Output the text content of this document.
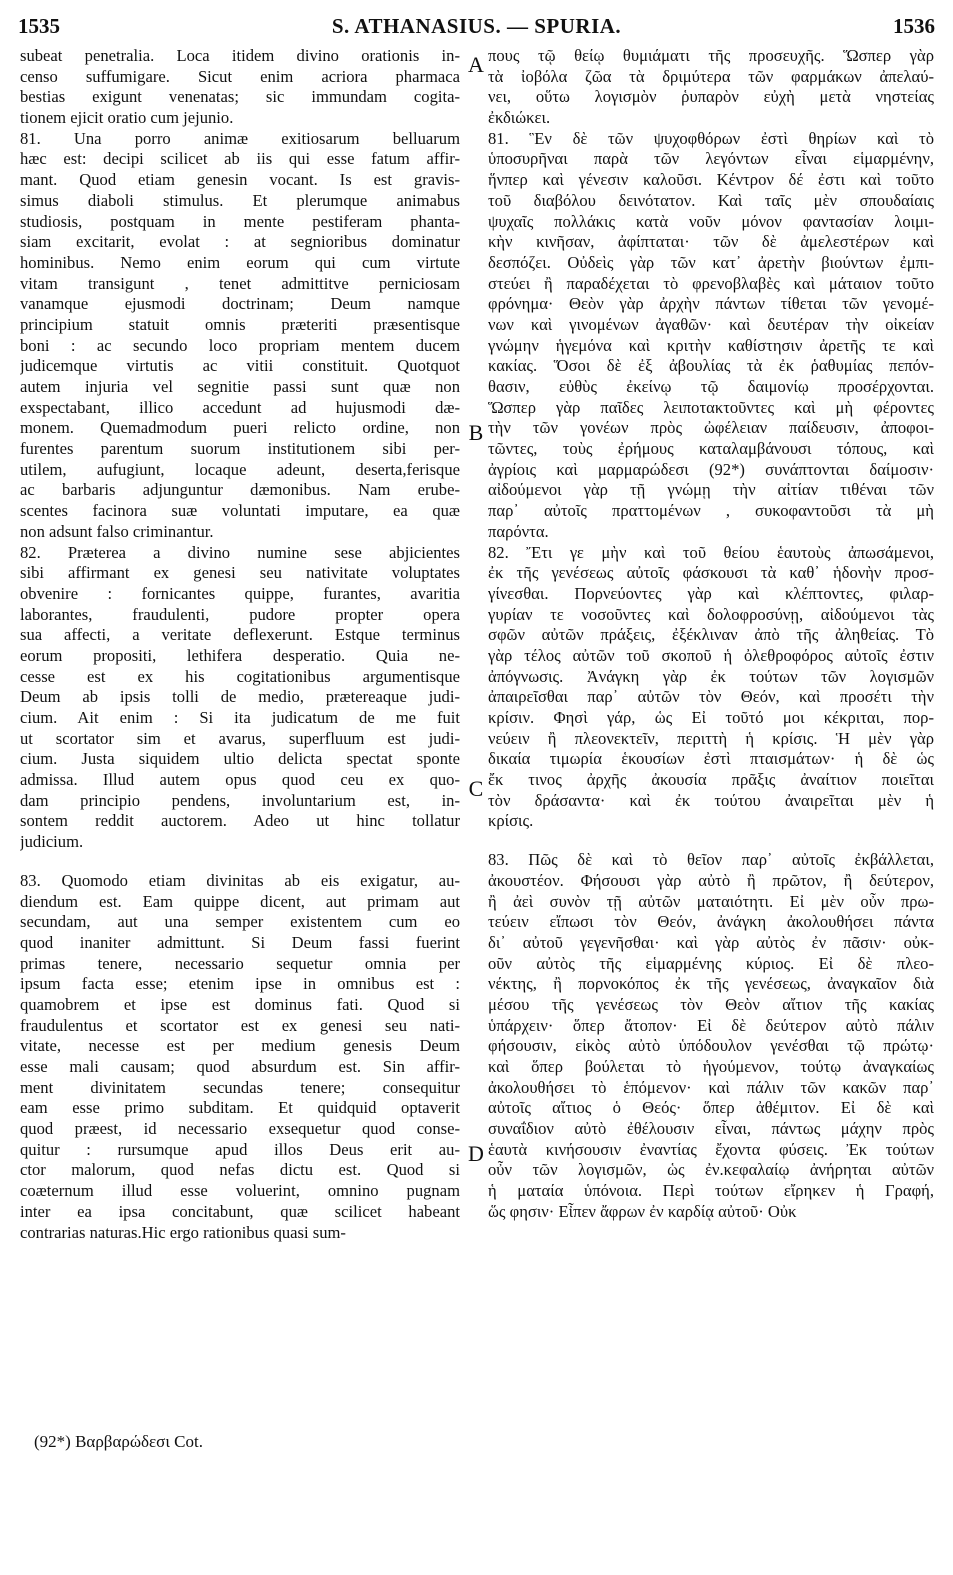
1535	S. ATHANASIUS. — SPURIA.	1536
subeat penetralia. Loca itidem divino orationis in-
censo suffumigare. Sicut enim acriora pharmaca
bestias exigunt venenatas; sic immundam cogita-
tionem ejicit oratio cum jejunio.
81. Una porro animæ exitiosarum belluarum
hæc est: decipi scilicet ab iis qui esse fatum affir-
mant. Quod etiam genesin vocant. Is est gravis-
simus diaboli stimulus. Et plerumque animabus
studiosis, postquam in mente pestiferam phanta-
siam excitarit, evolat : at segnioribus dominatur
hominibus. Nemo enim eorum qui cum virtute
vitam transigunt , tenet admittitve perniciosam
vanamque ejusmodi doctrinam; Deum namque
principium statuit omnis præteriti præsentisque
boni : ac secundo loco propriam mentem ducem
judicemque virtutis ac vitii constituit. Quotquot
autem injuria vel segnitie passi sunt quæ non
exspectabant, illico accedunt ad hujusmodi dæ-
monem. Quemadmodum pueri relicto ordine, non
furentes parentum suorum institutionem sibi per-
utilem, aufugiunt, locaque adeunt, deserta,ferisque
ac barbaris adjunguntur dæmonibus. Nam erube-
scentes facinora suæ voluntati imputare, ea quæ
non adsunt falso criminantur.
82. Præterea a divino numine sese abjicientes
sibi affirmant ex genesi seu nativitate voluptates
obvenire : fornicantes quippe, furantes, avaritia
laborantes, fraudulenti, pudore propter opera
sua affecti, a veritate deflexerunt. Estque terminus
eorum propositi, lethifera desperatio. Quia ne-
cesse est ex his cogitationibus argumentisque
Deum ab ipsis tolli de medio, prætereaque judi-
cium. Ait enim : Si ita judicatum de me fuit
ut scortator sim et avarus, superfluum est judi-
cium. Justa siquidem ultio delicta spectat sponte
admissa. Illud autem opus quod ceu ex quo-
dam principio pendens, involuntarium est, in-
sontem reddit auctorem. Adeo ut hinc tollatur
judicium.
83. Quomodo etiam divinitas ab eis exigatur, au-
diendum est. Eam quippe dicent, aut primam aut
secundam, aut una semper existentem cum eo
quod inaniter admittunt. Si Deum fassi fuerint
primas tenere, necessario sequetur omnia per
ipsum facta esse; etenim ipse in omnibus est :
quamobrem et ipse est dominus fati. Quod si
fraudulentus et scortator est ex genesi seu nati-
vitate, necesse est per medium genesis Deum
esse mali causam; quod absurdum est. Sin affir-
ment divinitatem secundas tenere; consequitur
eam esse primo subditam. Et quidquid optaverit
quod præest, id necessario exsequetur quod conse-
quitur : rursumque apud illos Deus erit au-
ctor malorum, quod nefas dictu est. Quod si
coæternum illud esse voluerint, omnino pugnam
inter ea ipsa concitabunt, quæ scilicet habeant
contrarias naturas.Hic ergo rationibus quasi sum-
πους τῷ θείῳ θυμιάματι τῆς προσευχῆς. Ὥσπερ γὰρ
τὰ ἰοβόλα ζῶα τὰ δριμύτερα τῶν φαρμάκων ἀπελαύ-
νει, οὕτω λογισμὸν ῥυπαρὸν εὐχὴ μετὰ νηστείας
ἐκδιώκει.
81. Ἓν δὲ τῶν ψυχοφθόρων ἐστὶ θηρίων καὶ τὸ
ὑποσυρῆναι παρὰ τῶν λεγόντων εἶναι εἱμαρμένην,
ἥνπερ καὶ γένεσιν καλοῦσι. Κέντρον δέ ἐστι καὶ τοῦτο
τοῦ διαβόλου δεινότατον. Καὶ ταῖς μὲν σπουδαίαις
ψυχαῖς πολλάκις κατὰ νοῦν μόνον φαντασίαν λοιμι-
κὴν κινῆσαν, ἀφίπταται· τῶν δὲ ἀμελεστέρων καὶ
δεσπόζει. Οὐδεὶς γὰρ τῶν κατ᾿ ἀρετὴν βιούντων ἐμπι-
στεύει ἢ παραδέχεται τὸ φρενοβλαβὲς καὶ μάταιον τοῦτο
φρόνημα· Θεὸν γὰρ ἀρχὴν πάντων τίθεται τῶν γενομέ-
νων καὶ γινομένων ἀγαθῶν· καὶ δευτέραν τὴν οἰκείαν
γνώμην ἡγεμόνα καὶ κριτὴν καθίστησιν ἀρετῆς τε καὶ
κακίας. Ὅσοι δὲ ἐξ ἀβουλίας τὰ ἐκ ῥαθυμίας πεπόν-
θασιν, εὐθὺς ἐκείνῳ τῷ δαιμονίῳ προσέρχονται.
Ὥσπερ γὰρ παῖδες λειποτακτοῦντες καὶ μὴ φέροντες
τὴν τῶν γονέων πρὸς ὠφέλειαν παίδευσιν, ἀποφοι-
τῶντες, τοὺς ἐρήμους καταλαμβάνουσι τόπους, καὶ
ἀγρίοις καὶ μαρμαρώδεσι (92*) συνάπτονται δαίμοσιν·
αἰδούμενοι γὰρ τῇ γνώμῃ τὴν αἰτίαν τιθέναι τῶν
παρ᾿ αὐτοῖς πραττομένων , συκοφαντοῦσι τὰ μὴ
παρόντα.
82. Ἔτι γε μὴν καὶ τοῦ θείου ἑαυτοὺς ἀπωσάμενοι,
ἐκ τῆς γενέσεως αὐτοῖς φάσκουσι τὰ καθ᾿ ἡδονὴν προσ-
γίνεσθαι. Πορνεύοντες γὰρ καὶ κλέπτοντες, φιλαρ-
γυρίαν τε νοσοῦντες καὶ δολοφροσύνῃ, αἰδούμενοι τὰς
σφῶν αὐτῶν πράξεις, ἐξέκλιναν ἀπὸ τῆς ἀληθείας. Τὸ
γὰρ τέλος αὐτῶν τοῦ σκοποῦ ἡ ὀλεθροφόρος αὐτοῖς ἐστιν
ἀπόγνωσις. Ἀνάγκη γὰρ ἐκ τούτων τῶν λογισμῶν
ἀπαιρεῖσθαι παρ᾿ αὐτῶν τὸν Θεόν, καὶ προσέτι τὴν
κρίσιν. Φησὶ γάρ, ὡς Εἰ τοῦτό μοι κέκριται, πορ-
νεύειν ἢ πλεονεκτεῖν, περιττὴ ἡ κρίσις. Ἡ μὲν γὰρ
δικαία τιμωρία ἑκουσίων ἐστὶ πταισμάτων· ἡ δὲ ὡς
ἔκ τινος ἀρχῆς ἀκουσία πρᾶξις ἀναίτιον ποιεῖται
τὸν δράσαντα· καὶ ἐκ τούτου ἀναιρεῖται μὲν ἡ
κρίσις.
83. Πῶς δὲ καὶ τὸ θεῖον παρ᾿ αὐτοῖς ἐκβάλλεται,
ἀκουστέον. Φήσουσι γὰρ αὐτὸ ἢ πρῶτον, ἢ δεύτερον,
ἢ ἀεὶ συνὸν τῇ αὐτῶν ματαιότητι. Εἰ μὲν οὖν πρω-
τεύειν εἴπωσι τὸν Θεόν, ἀνάγκη ἀκολουθήσει πάντα
δι᾿ αὐτοῦ γεγενῆσθαι· καὶ γὰρ αὐτὸς ἐν πᾶσιν· οὐκ-
οῦν αὐτὸς τῆς εἱμαρμένης κύριος. Εἰ δὲ πλεο-
νέκτης, ἢ πορνοκόπος ἐκ τῆς γενέσεως, ἀναγκαῖον διὰ
μέσου τῆς γενέσεως τὸν Θεὸν αἴτιον τῆς κακίας
ὑπάρχειν· ὅπερ ἄτοπον· Εἰ δὲ δεύτερον αὐτὸ πάλιν
φήσουσιν, εἰκὸς αὐτὸ ὑπόδουλον γενέσθαι τῷ πρώτῳ·
καὶ ὅπερ βούλεται τὸ ἡγούμενον, τούτῳ ἀναγκαίως
ἀκολουθήσει τὸ ἑπόμενον· καὶ πάλιν τῶν κακῶν παρ᾿
αὐτοῖς αἴτιος ὁ Θεός· ὅπερ ἀθέμιτον. Εἰ δὲ καὶ
συναΐδιον αὐτὸ ἐθέλουσιν εἶναι, πάντως μάχην πρὸς
ἑαυτὰ κινήσουσιν ἐναντίας ἔχοντα φύσεις. Ἐκ τούτων
οὖν τῶν λογισμῶν, ὡς ἐν.κεφαλαίῳ ἀνήρηται αὐτῶν
ἡ ματαία ὑπόνοια. Περὶ τούτων εἴρηκεν ἡ Γραφή,
ὥς φησιν· Εἶπεν ἄφρων ἐν καρδίᾳ αὐτοῦ· Οὐκ
A
B
C
D
(92*) Βαρβαρώδεσι Cot.
